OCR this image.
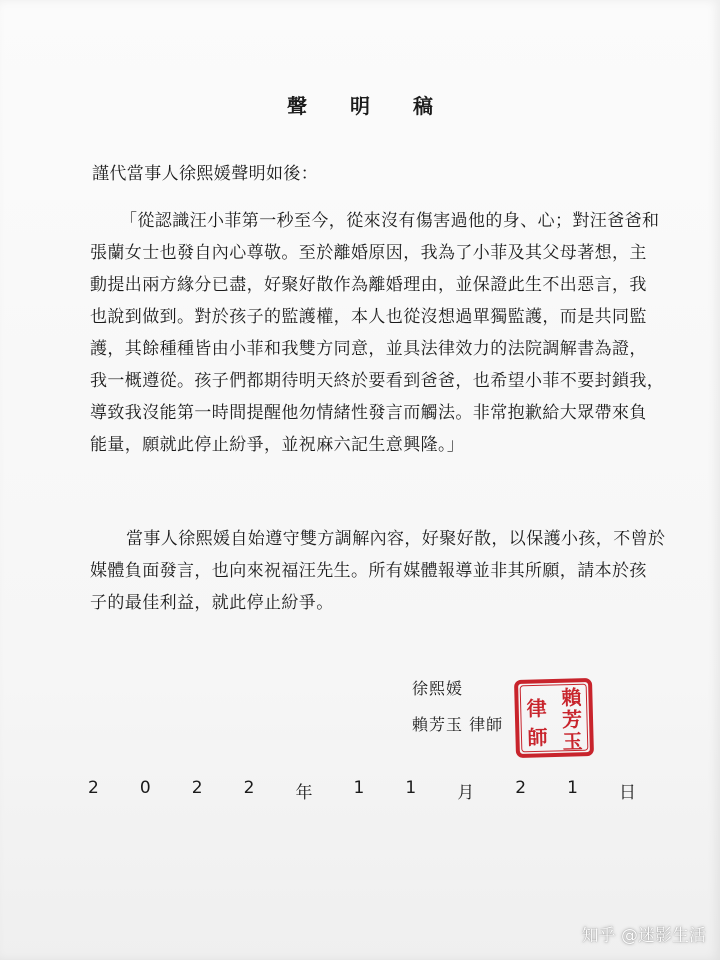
聲 明 稿

謹代當事人徐熙媛聲明如後：

「從認識汪小菲第一秒至今，從來沒有傷害過他的身、心；對汪爸爸和
張蘭女士也發自內心尊敬。至於離婚原因，我為了小菲及其父母著想，主
動提出兩方緣分已盡，好聚好散作為離婚理由，並保證此生不出惡言，我
也說到做到。對於孩子的監護權，本人也從沒想過單獨監護，而是共同監
護，其餘種種皆由小菲和我雙方同意，並具法律效力的法院調解書為證，
我一概遵從。孩子們都期待明天終於要看到爸爸，也希望小菲不要封鎖我，
導致我沒能第一時間提醒他勿情緒性發言而觸法。非常抱歉給大眾帶來負
能量，願就此停止紛爭，並祝麻六記生意興隆。」
當事人徐熙媛自始遵守雙方調解內容，好聚好散，以保護小孩，不曾於
媒體負面發言，也向來祝福汪先生。所有媒體報導並非其所願，請本於孩
子的最佳利益，就此停止紛爭。
徐熙媛
賴芳玉 律師
賴
芳
玉
律
師
2 0 2 2 年 1 1 月 2 1 日
知乎 @迷影生活
